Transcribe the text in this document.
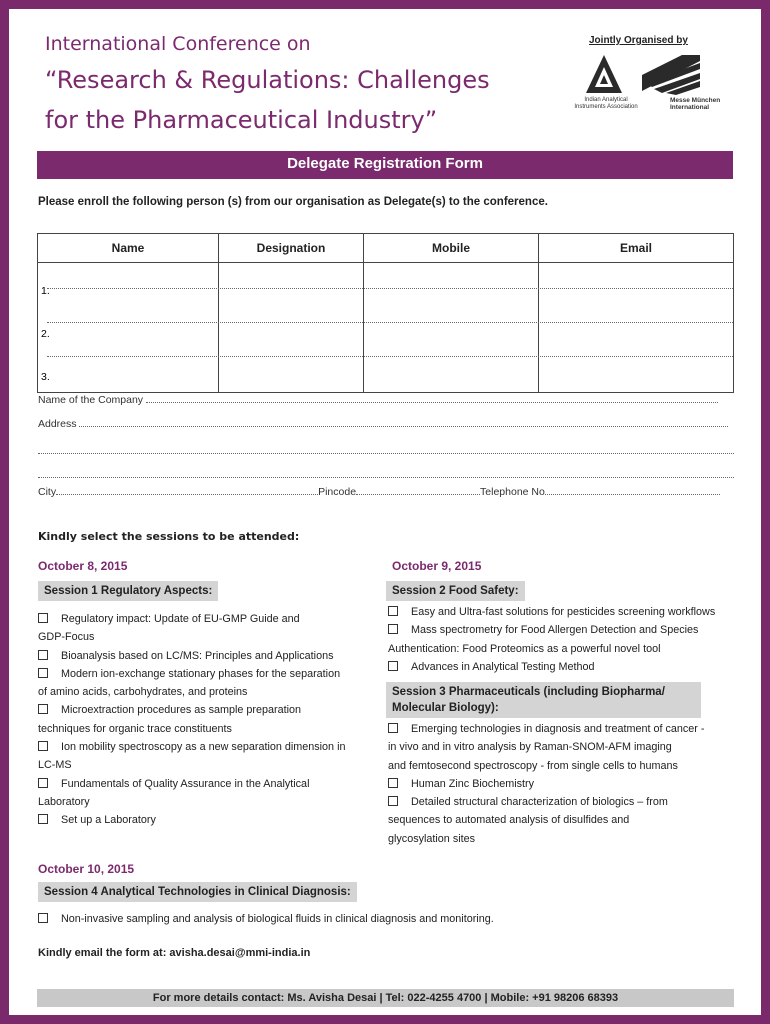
International Conference on
“Research & Regulations: Challenges
for the Pharmaceutical Industry”
Jointly Organised by
Indian Analytical
Instruments Association
Messe München
International
Delegate Registration Form
Please enroll the following person (s) from our organisation as Delegate(s) to the conference.
Name	Designation	Mobile	Email
1.			
2.			
3.			
Name of the Company
Address
City	Pincode	Telephone No
Kindly select the sessions to be attended:
October 8, 2015
Session 1 Regulatory Aspects:
Regulatory impact: Update of EU-GMP Guide and
GDP-Focus
Bioanalysis based on LC/MS: Principles and Applications
Modern ion-exchange stationary phases for the separation
of amino acids, carbohydrates, and proteins
Microextraction procedures as sample preparation
techniques for organic trace constituents
Ion mobility spectroscopy as a new separation dimension in
LC-MS
Fundamentals of Quality Assurance in the Analytical
Laboratory
Set up a Laboratory
October 9, 2015
Session 2 Food Safety:
Easy and Ultra-fast solutions for pesticides screening workflows
Mass spectrometry for Food Allergen Detection and Species
Authentication: Food Proteomics as a powerful novel tool
Advances in Analytical Testing Method
Session 3 Pharmaceuticals (including Biopharma/
Molecular Biology):
Emerging technologies in diagnosis and treatment of cancer -
in vivo and in vitro analysis by Raman-SNOM-AFM imaging
and femtosecond spectroscopy - from single cells to humans
Human Zinc Biochemistry
Detailed structural characterization of biologics – from
sequences to automated analysis of disulfides and
glycosylation sites
October 10, 2015
Session 4 Analytical Technologies in Clinical Diagnosis:
Non-invasive sampling and analysis of biological fluids in clinical diagnosis and monitoring.
Kindly email the form at: avisha.desai@mmi-india.in
For more details contact: Ms. Avisha Desai | Tel: 022-4255 4700 | Mobile: +91 98206 68393
